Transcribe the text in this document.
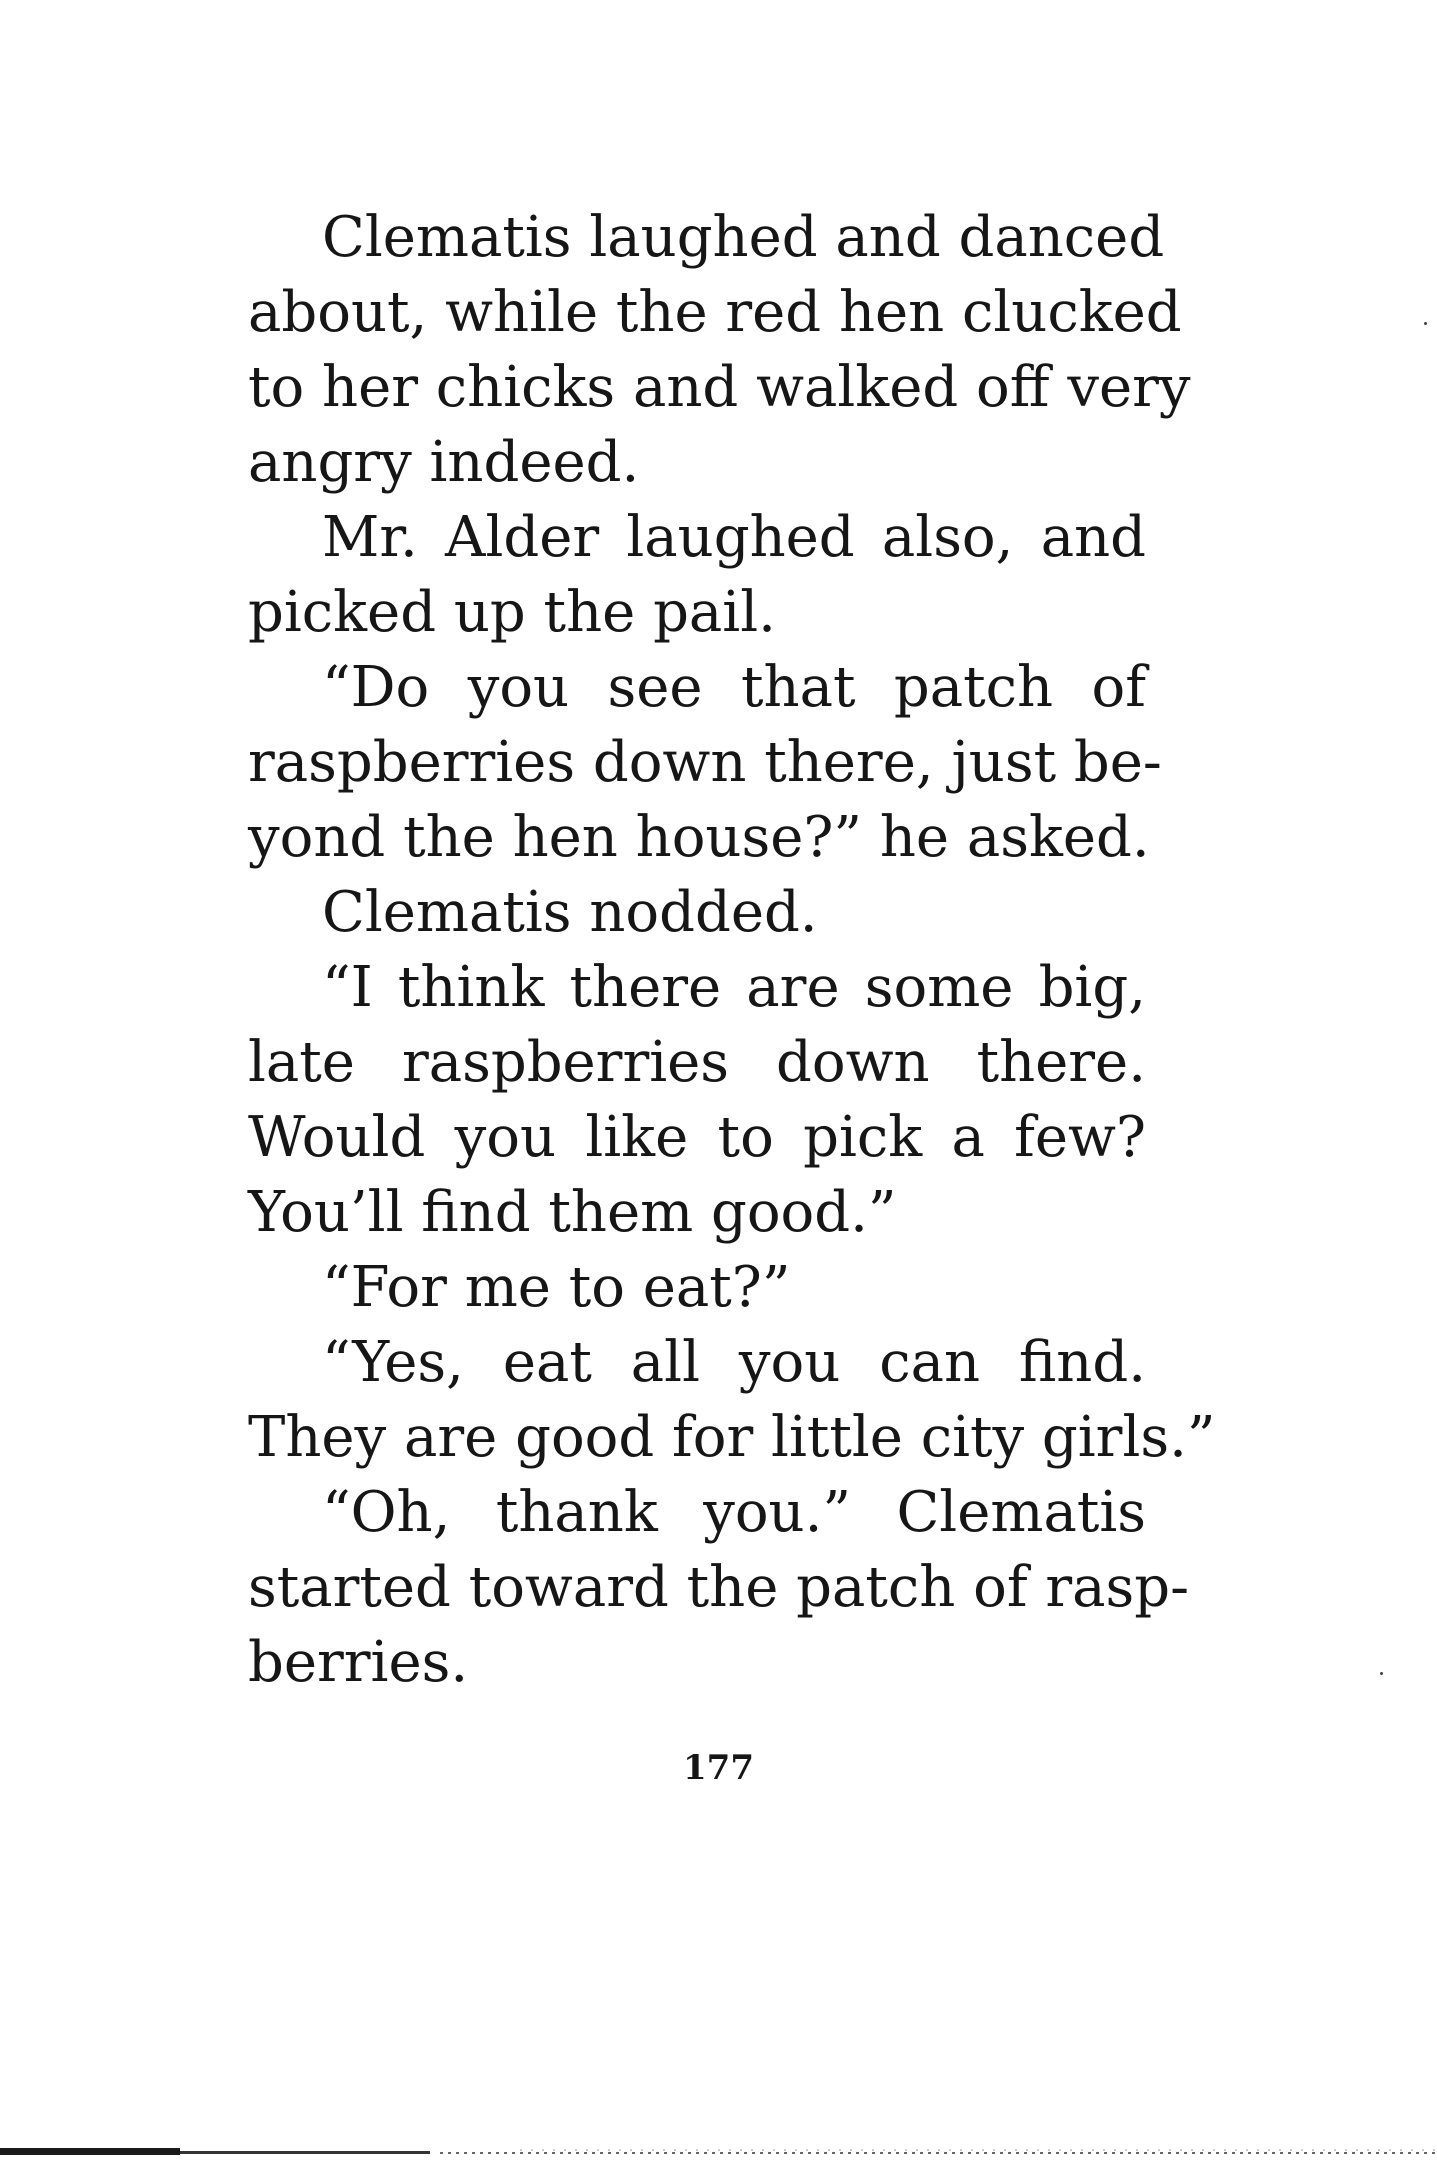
Clematis laughed and danced
about, while the red hen clucked
to her chicks and walked off very
angry indeed.
Mr. Alder laughed also, and
picked up the pail.
“Do you see that patch of
raspberries down there, just be-
yond the hen house?” he asked.
Clematis nodded.
“I think there are some big,
late raspberries down there.
Would you like to pick a few?
You’ll find them good.”
“For me to eat?”
“Yes, eat all you can find.
They are good for little city girls.”
“Oh, thank you.” Clematis
started toward the patch of rasp-
berries.
177
